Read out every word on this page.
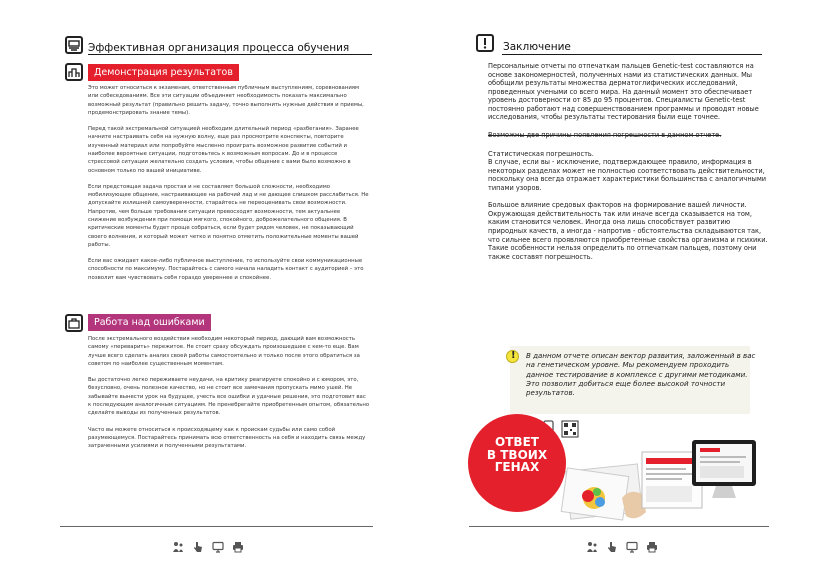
Эффективная организация процесса обучения
Демонстрация результатов

Это может относиться к экзаменам, ответственным публичным выступлениям, соревнованиям или собеседованиям. Все эти ситуации объединяет необходимость показать максимально возможный результат (правильно решить задачу, точно выполнить нужные действия и приемы, продемонстрировать знание темы).

Перед такой экстремальной ситуацией необходим длительный период «разбегания». Заранее начните настраивать себя на нужную волну, еще раз просмотрите конспекты, повторите изученный материал или попробуйте мысленно проиграть возможное развитие событий и наиболее вероятные ситуации, подготовьтесь к возможным вопросам. До и в процессе стрессовой ситуации желательно создать условия, чтобы общение с вами было возможно в основном только по вашей инициативе.

Если предстоящая задача простая и не составляет большой сложности, необходимо мобилизующее общение, настраивающее на рабочий лад и не дающее слишком расслабиться. Не допускайте излишней самоуверенности, старайтесь не переоценивать свои возможности. Напротив, чем больше требования ситуации превосходят возможности, тем актуальнее снижение возбуждения при помощи мягкого, спокойного, доброжелательного общения. В критические моменты будет проще собраться, если будет рядом человек, не показывающий своего волнения, и который может четко и понятно отметить положительные моменты вашей работы.

Если вас ожидает какое-либо публичное выступление, то используйте свои коммуникационные способности по максимуму. Постарайтесь с самого начала наладить контакт с аудиторией – это позволит вам чувствовать себя гораздо увереннее и спокойнее.

Работа над ошибками

После экстремального воздействия необходим некоторый период, дающий вам возможность самому «переварить» пережитое. Не стоит сразу обсуждать произошедшее с кем-то еще. Вам лучше всего сделать анализ своей работы самостоятельно и только после этого обратиться за советом по наиболее существенным моментам.

Вы достаточно легко переживаете неудачи, на критику реагируете спокойно и с юмором, это, безусловно, очень полезное качество, но не стоит все замечания пропускать мимо ушей. Не забывайте вынести урок на будущее, учесть все ошибки и удачные решения, это подготовит вас к последующим аналогичным ситуациям. Не пренебрегайте приобретенным опытом, обязательно сделайте выводы из полученных результатов.

Часто вы можете относиться к происходящему как к проискам судьбы или само собой разумеющемуся. Постарайтесь принимать всю ответственность на себя и находить связь между затраченными усилиями и полученными результатами.

Заключение

Персональные отчеты по отпечаткам пальцев Genetic-test составляются на основе закономерностей, полученных нами из статистических данных. Мы обобщили результаты множества дерматоглифических исследований, проведенных учеными со всего мира. На данный момент это обеспечивает уровень достоверности от 85 до 95 процентов. Специалисты Genetic-test постоянно работают над совершенствованием программы и проводят новые исследования, чтобы результаты тестирования были еще точнее.

Возможны две причины появления погрешности в данном отчете.

Статистическая погрешность.
В случае, если вы - исключение, подтверждающее правило, информация в некоторых разделах может не полностью соответствовать действительности, поскольку она всегда отражает характеристики большинства с аналогичными типами узоров.

Большое влияние средовых факторов на формирование вашей личности. Окружающая действительность так или иначе всегда сказывается на том, каким становится человек. Иногда она лишь способствует развитию природных качеств, а иногда - напротив - обстоятельства складываются так, что сильнее всего проявляются приобретенные свойства организма и психики. Такие особенности нельзя определить по отпечаткам пальцев, поэтому они также составят погрешность.

!
В данном отчете описан вектор развития, заложенный в вас на генетическом уровне. Мы рекомендуем проходить данное тестирование в комплексе с другими методиками.
Это позволит добиться еще более высокой точности результатов.
ОТВЕТ
В ТВОИХ
ГЕНАХ
